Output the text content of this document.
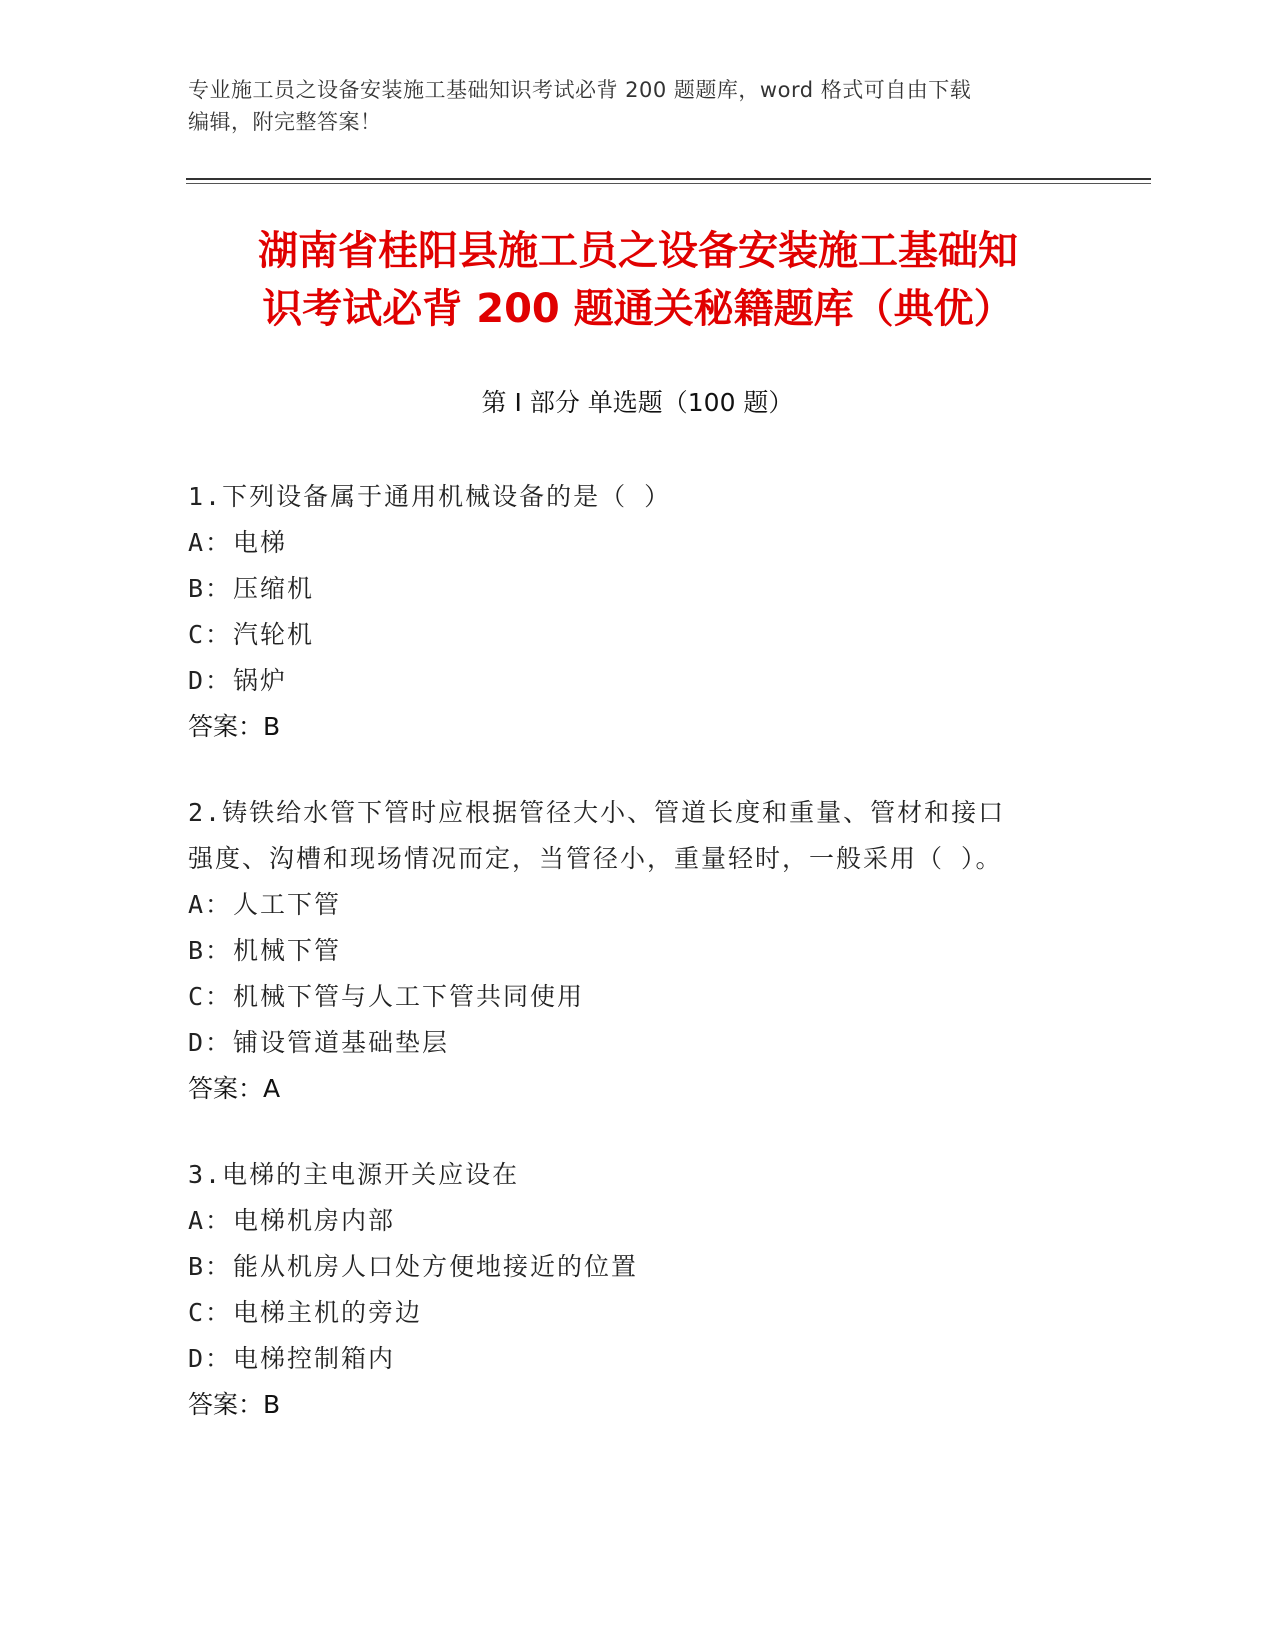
专业施工员之设备安装施工基础知识考试必背 200 题题库，word 格式可自由下载
编辑，附完整答案！
湖南省桂阳县施工员之设备安装施工基础知
识考试必背 200 题通关秘籍题库（典优）
第 I 部分 单选题（100 题）
1.下列设备属于通用机械设备的是（ ）
A：电梯
B：压缩机
C：汽轮机
D：锅炉
答案：B
2.铸铁给水管下管时应根据管径大小、管道长度和重量、管材和接口
强度、沟槽和现场情况而定，当管径小，重量轻时，一般采用（ ）。
A：人工下管
B：机械下管
C：机械下管与人工下管共同使用
D：铺设管道基础垫层
答案：A
3.电梯的主电源开关应设在
A：电梯机房内部
B：能从机房人口处方便地接近的位置
C：电梯主机的旁边
D：电梯控制箱内
答案：B
